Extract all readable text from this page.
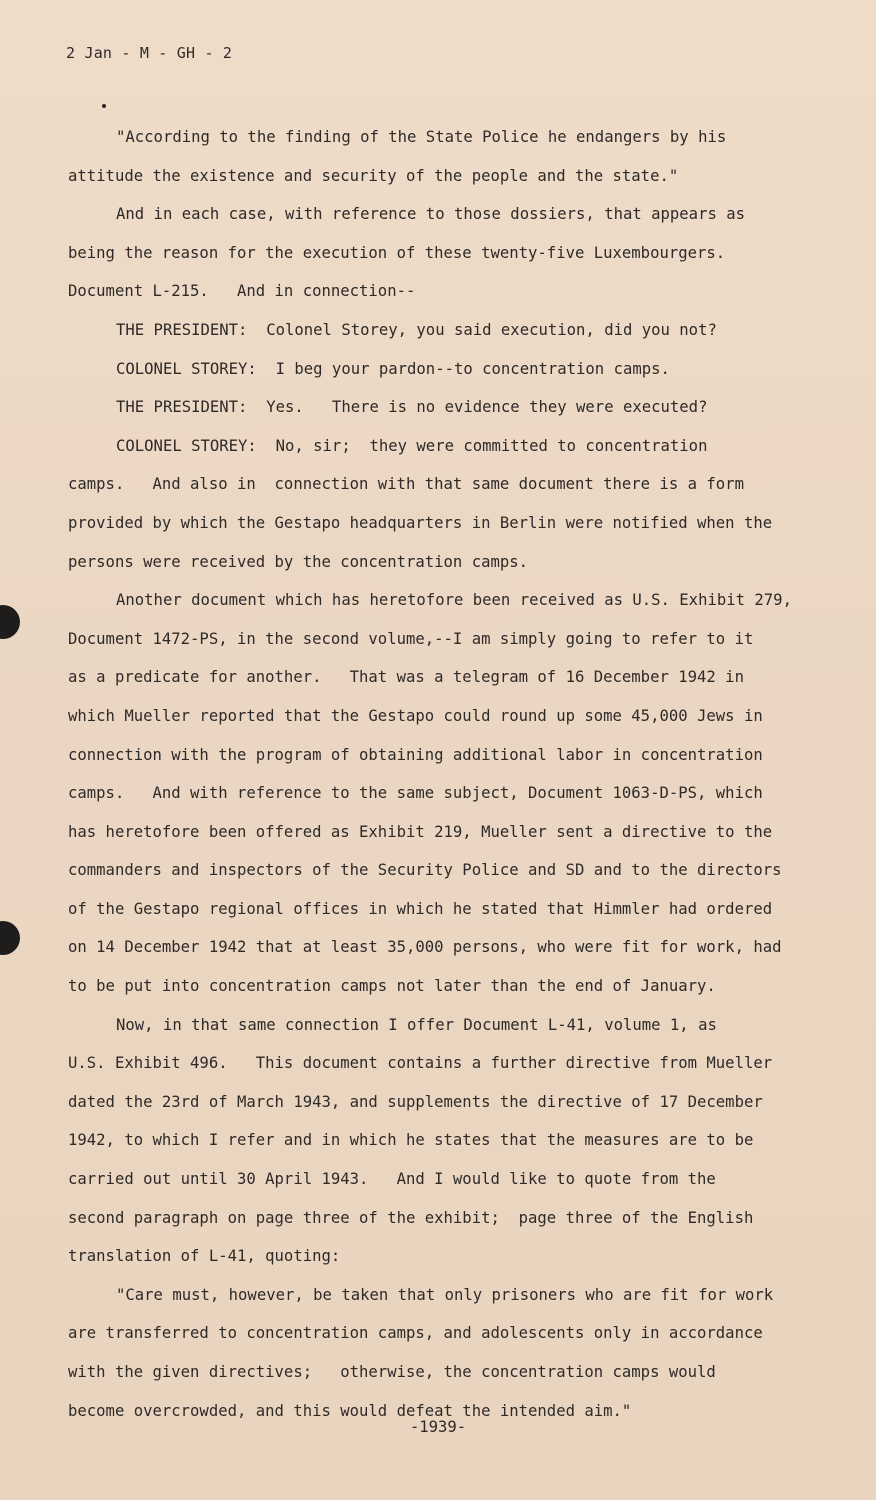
2 Jan - M - GH - 2
"According to the finding of the State Police he endangers by his
attitude the existence and security of the people and the state."
And in each case, with reference to those dossiers, that appears as
being the reason for the execution of these twenty-five Luxembourgers.
Document L-215.   And in connection--
THE PRESIDENT:  Colonel Storey, you said execution, did you not?
COLONEL STOREY:  I beg your pardon--to concentration camps.
THE PRESIDENT:  Yes.   There is no evidence they were executed?
COLONEL STOREY:  No, sir;  they were committed to concentration
camps.   And also in  connection with that same document there is a form
provided by which the Gestapo headquarters in Berlin were notified when the
persons were received by the concentration camps.
Another document which has heretofore been received as U.S. Exhibit 279,
Document 1472-PS, in the second volume,--I am simply going to refer to it
as a predicate for another.   That was a telegram of 16 December 1942 in
which Mueller reported that the Gestapo could round up some 45,000 Jews in
connection with the program of obtaining additional labor in concentration
camps.   And with reference to the same subject, Document 1063-D-PS, which
has heretofore been offered as Exhibit 219, Mueller sent a directive to the
commanders and inspectors of the Security Police and SD and to the directors
of the Gestapo regional offices in which he stated that Himmler had ordered
on 14 December 1942 that at least 35,000 persons, who were fit for work, had
to be put into concentration camps not later than the end of January.
Now, in that same connection I offer Document L-41, volume 1, as
U.S. Exhibit 496.   This document contains a further directive from Mueller
dated the 23rd of March 1943, and supplements the directive of 17 December
1942, to which I refer and in which he states that the measures are to be
carried out until 30 April 1943.   And I would like to quote from the
second paragraph on page three of the exhibit;  page three of the English
translation of L-41, quoting:
"Care must, however, be taken that only prisoners who are fit for work
are transferred to concentration camps, and adolescents only in accordance
with the given directives;   otherwise, the concentration camps would
become overcrowded, and this would defeat the intended aim."
-1939-
